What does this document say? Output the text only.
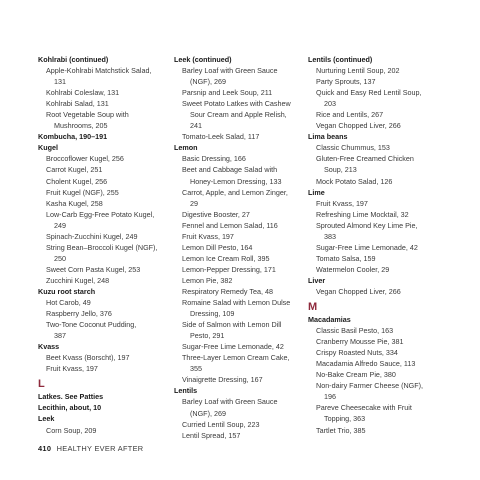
Kohlrabi (continued)
Apple-Kohlrabi Matchstick Salad,
131
Kohlrabi Coleslaw, 131
Kohlrabi Salad, 131
Root Vegetable Soup with
Mushrooms, 205
Kombucha, 190–191
Kugel
Broccoflower Kugel, 256
Carrot Kugel, 251
Cholent Kugel, 256
Fruit Kugel (NGF), 255
Kasha Kugel, 258
Low-Carb Egg-Free Potato Kugel,
249
Spinach-Zucchini Kugel, 249
String Bean–Broccoli Kugel (NGF),
250
Sweet Corn Pasta Kugel, 253
Zucchini Kugel, 248
Kuzu root starch
Hot Carob, 49
Raspberry Jello, 376
Two-Tone Coconut Pudding,
387
Kvass
Beet Kvass (Borscht), 197
Fruit Kvass, 197
L
Latkes. See Patties
Lecithin, about, 10
Leek
Corn Soup, 209
Leek (continued)
Barley Loaf with Green Sauce
(NGF), 269
Parsnip and Leek Soup, 211
Sweet Potato Latkes with Cashew
Sour Cream and Apple Relish,
241
Tomato-Leek Salad, 117
Lemon
Basic Dressing, 166
Beet and Cabbage Salad with
Honey-Lemon Dressing, 133
Carrot, Apple, and Lemon Zinger,
29
Digestive Booster, 27
Fennel and Lemon Salad, 116
Fruit Kvass, 197
Lemon Dill Pesto, 164
Lemon Ice Cream Roll, 395
Lemon-Pepper Dressing, 171
Lemon Pie, 382
Respiratory Remedy Tea, 48
Romaine Salad with Lemon Dulse
Dressing, 109
Side of Salmon with Lemon Dill
Pesto, 291
Sugar-Free Lime Lemonade, 42
Three-Layer Lemon Cream Cake,
355
Vinaigrette Dressing, 167
Lentils
Barley Loaf with Green Sauce
(NGF), 269
Curried Lentil Soup, 223
Lentil Spread, 157
Lentils (continued)
Nurturing Lentil Soup, 202
Party Sprouts, 137
Quick and Easy Red Lentil Soup,
203
Rice and Lentils, 267
Vegan Chopped Liver, 266
Lima beans
Classic Chummus, 153
Gluten-Free Creamed Chicken
Soup, 213
Mock Potato Salad, 126
Lime
Fruit Kvass, 197
Refreshing Lime Mocktail, 32
Sprouted Almond Key Lime Pie,
383
Sugar-Free Lime Lemonade, 42
Tomato Salsa, 159
Watermelon Cooler, 29
Liver
Vegan Chopped Liver, 266
M
Macadamias
Classic Basil Pesto, 163
Cranberry Mousse Pie, 381
Crispy Roasted Nuts, 334
Macadamia Alfredo Sauce, 113
No-Bake Cream Pie, 380
Non-dairy Farmer Cheese (NGF),
196
Pareve Cheesecake with Fruit
Topping, 363
Tartlet Trio, 385
410 HEALTHY EVER AFTER
